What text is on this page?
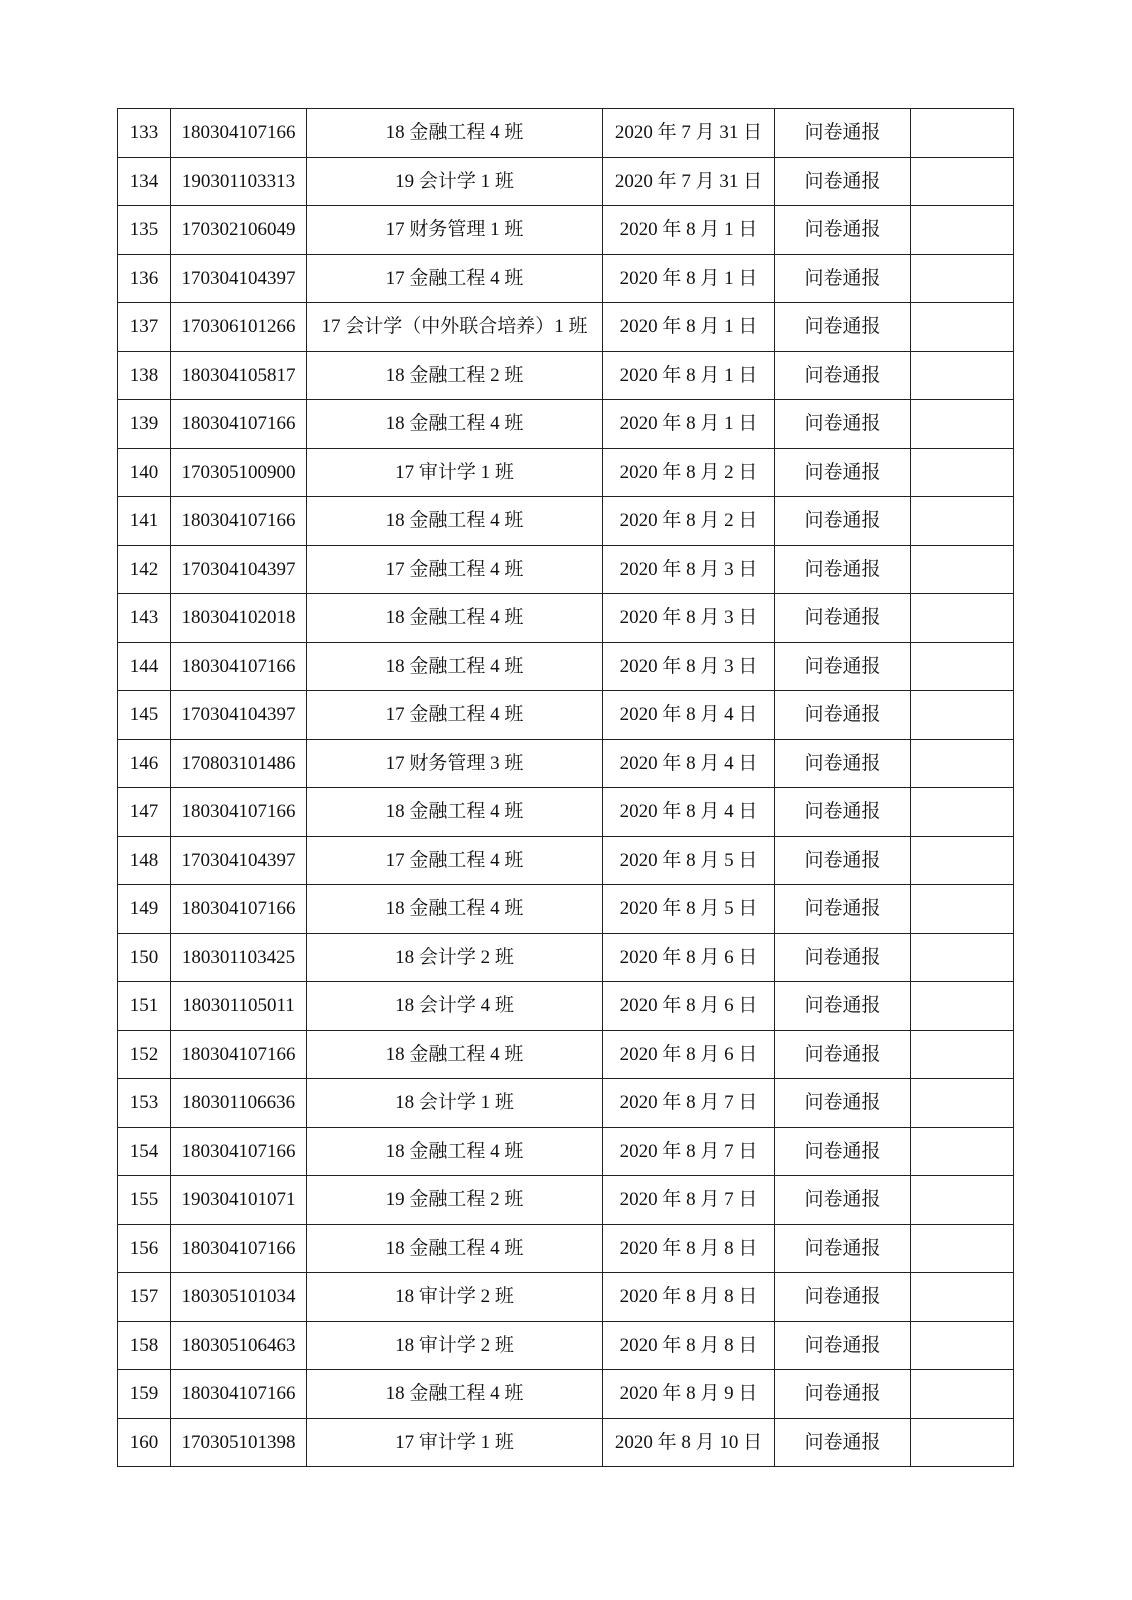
133	180304107166	18 金融工程 4 班	2020 年 7 月 31 日	问卷通报	
134	190301103313	19 会计学 1 班	2020 年 7 月 31 日	问卷通报	
135	170302106049	17 财务管理 1 班	2020 年 8 月 1 日	问卷通报	
136	170304104397	17 金融工程 4 班	2020 年 8 月 1 日	问卷通报	
137	170306101266	17 会计学（中外联合培养）1 班	2020 年 8 月 1 日	问卷通报	
138	180304105817	18 金融工程 2 班	2020 年 8 月 1 日	问卷通报	
139	180304107166	18 金融工程 4 班	2020 年 8 月 1 日	问卷通报	
140	170305100900	17 审计学 1 班	2020 年 8 月 2 日	问卷通报	
141	180304107166	18 金融工程 4 班	2020 年 8 月 2 日	问卷通报	
142	170304104397	17 金融工程 4 班	2020 年 8 月 3 日	问卷通报	
143	180304102018	18 金融工程 4 班	2020 年 8 月 3 日	问卷通报	
144	180304107166	18 金融工程 4 班	2020 年 8 月 3 日	问卷通报	
145	170304104397	17 金融工程 4 班	2020 年 8 月 4 日	问卷通报	
146	170803101486	17 财务管理 3 班	2020 年 8 月 4 日	问卷通报	
147	180304107166	18 金融工程 4 班	2020 年 8 月 4 日	问卷通报	
148	170304104397	17 金融工程 4 班	2020 年 8 月 5 日	问卷通报	
149	180304107166	18 金融工程 4 班	2020 年 8 月 5 日	问卷通报	
150	180301103425	18 会计学 2 班	2020 年 8 月 6 日	问卷通报	
151	180301105011	18 会计学 4 班	2020 年 8 月 6 日	问卷通报	
152	180304107166	18 金融工程 4 班	2020 年 8 月 6 日	问卷通报	
153	180301106636	18 会计学 1 班	2020 年 8 月 7 日	问卷通报	
154	180304107166	18 金融工程 4 班	2020 年 8 月 7 日	问卷通报	
155	190304101071	19 金融工程 2 班	2020 年 8 月 7 日	问卷通报	
156	180304107166	18 金融工程 4 班	2020 年 8 月 8 日	问卷通报	
157	180305101034	18 审计学 2 班	2020 年 8 月 8 日	问卷通报	
158	180305106463	18 审计学 2 班	2020 年 8 月 8 日	问卷通报	
159	180304107166	18 金融工程 4 班	2020 年 8 月 9 日	问卷通报	
160	170305101398	17 审计学 1 班	2020 年 8 月 10 日	问卷通报	
